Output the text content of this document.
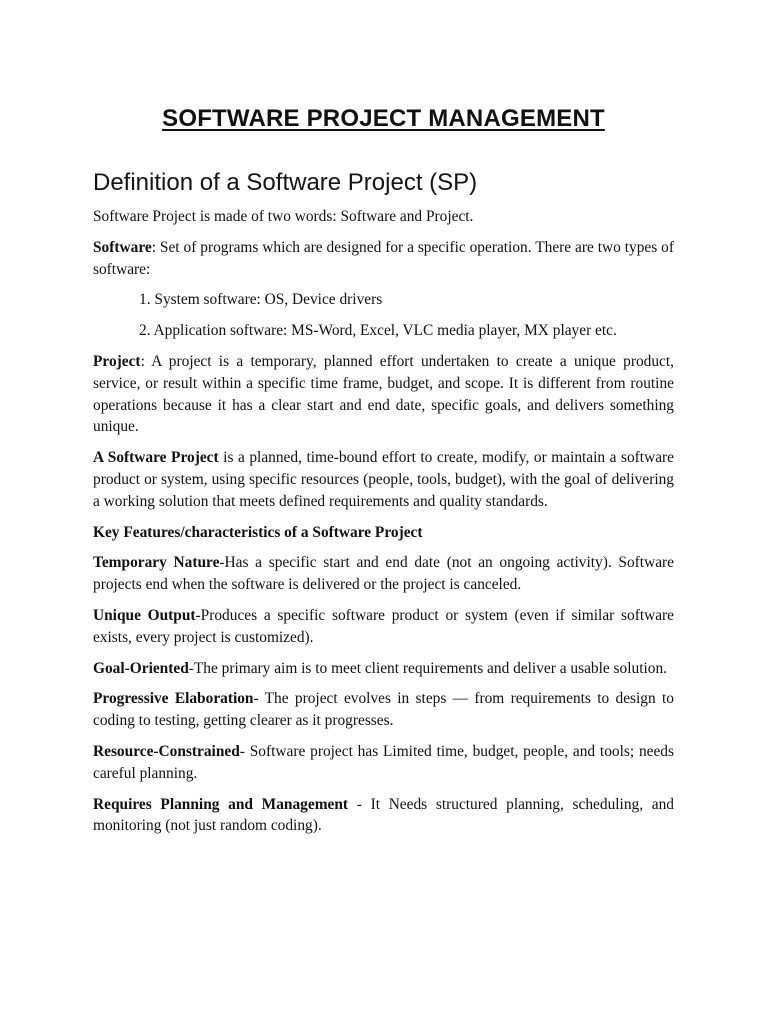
SOFTWARE PROJECT MANAGEMENT
Definition of a Software Project (SP)

Software Project is made of two words: Software and Project.

Software: Set of programs which are designed for a specific operation. There are two types of software:

1. System software: OS, Device drivers

2. Application software: MS-Word, Excel, VLC media player, MX player etc.

Project: A project is a temporary, planned effort undertaken to create a unique product, service, or result within a specific time frame, budget, and scope. It is different from routine operations because it has a clear start and end date, specific goals, and delivers something unique.

A Software Project is a planned, time-bound effort to create, modify, or maintain a software product or system, using specific resources (people, tools, budget), with the goal of delivering a working solution that meets defined requirements and quality standards.

Key Features/characteristics of a Software Project

Temporary Nature-Has a specific start and end date (not an ongoing activity). Software projects end when the software is delivered or the project is canceled.

Unique Output-Produces a specific software product or system (even if similar software exists, every project is customized).

Goal-Oriented-The primary aim is to meet client requirements and deliver a usable solution.

Progressive Elaboration- The project evolves in steps — from requirements to design to coding to testing, getting clearer as it progresses.

Resource-Constrained- Software project has Limited time, budget, people, and tools; needs careful planning.

Requires Planning and Management - It Needs structured planning, scheduling, and monitoring (not just random coding).
